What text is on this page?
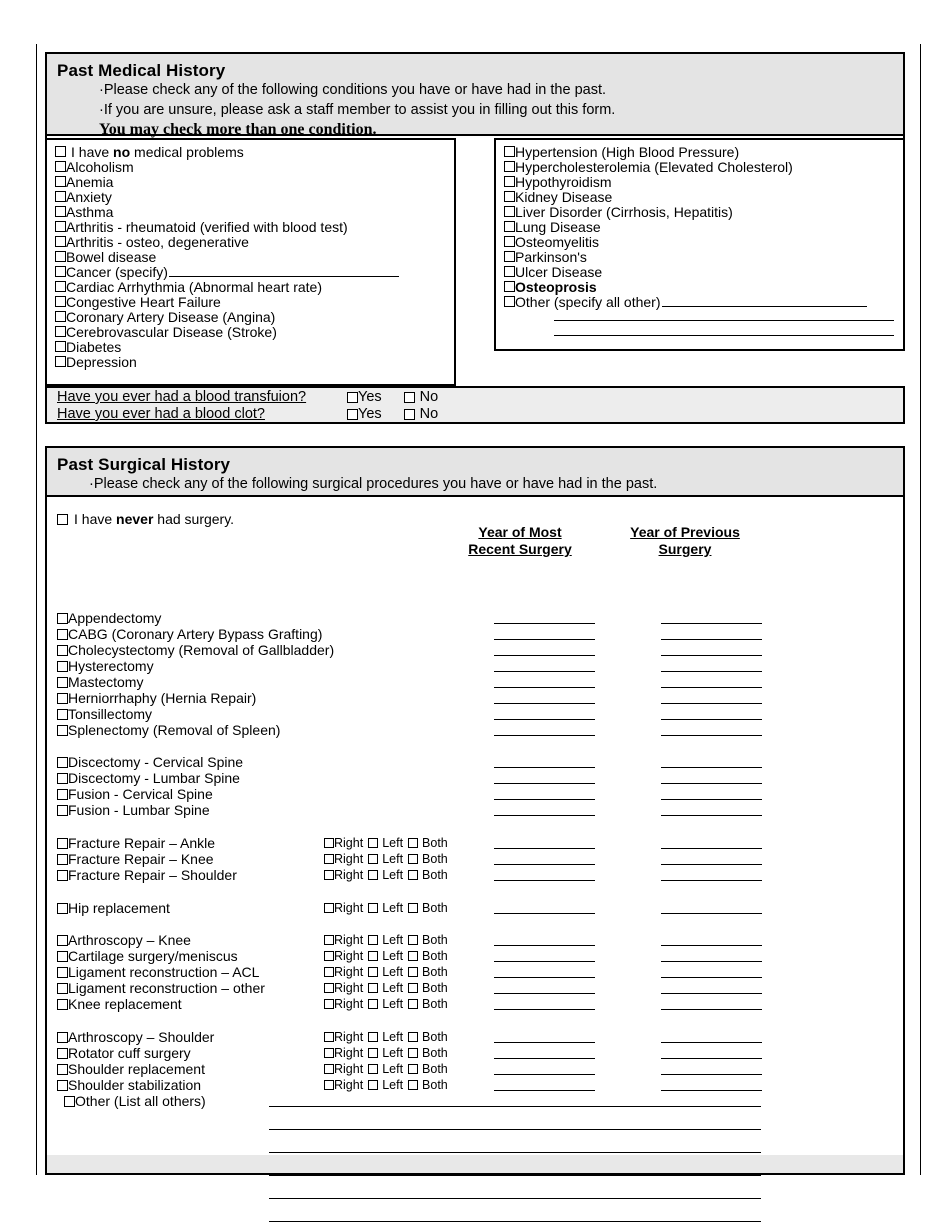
Past Medical History
·Please check any of the following conditions you have or have had in the past.
·If you are unsure, please ask a staff member to assist you in filling out this form.
You may check more than one condition.
I have no medical problems
Alcoholism
Anemia
Anxiety
Asthma
Arthritis - rheumatoid (verified with blood test)
Arthritis - osteo, degenerative
Bowel disease
Cancer (specify)
Cardiac Arrhythmia (Abnormal heart rate)
Congestive Heart Failure
Coronary Artery Disease (Angina)
Cerebrovascular Disease (Stroke)
Diabetes
Depression
Hypertension (High Blood Pressure)
Hypercholesterolemia (Elevated Cholesterol)
Hypothyroidism
Kidney Disease
Liver Disorder (Cirrhosis, Hepatitis)
Lung Disease
Osteomyelitis
Parkinson's
Ulcer Disease
Osteoprosis
Other (specify all other)
Have you ever had a blood transfuion?	Yes	No
Have you ever had a blood clot?	Yes	No
Past Surgical History
·Please check any of the following surgical procedures you have or have had in the past.
I have never had surgery.
Year of Most
Recent Surgery
Year of Previous
Surgery
Appendectomy
CABG (Coronary Artery Bypass Grafting)
Cholecystectomy (Removal of Gallbladder)
Hysterectomy
Mastectomy
Herniorrhaphy (Hernia Repair)
Tonsillectomy
Splenectomy (Removal of Spleen)
Discectomy - Cervical Spine
Discectomy - Lumbar Spine
Fusion - Cervical Spine
Fusion - Lumbar Spine
Fracture Repair – Ankle	Right Left Both
Fracture Repair – Knee	Right Left Both
Fracture Repair – Shoulder	Right Left Both
Hip replacement	Right Left Both
Arthroscopy – Knee	Right Left Both
Cartilage surgery/meniscus	Right Left Both
Ligament reconstruction – ACL	Right Left Both
Ligament reconstruction – other	Right Left Both
Knee replacement	Right Left Both
Arthroscopy – Shoulder	Right Left Both
Rotator cuff surgery	Right Left Both
Shoulder replacement	Right Left Both
Shoulder stabilization	Right Left Both
Other (List all others)
